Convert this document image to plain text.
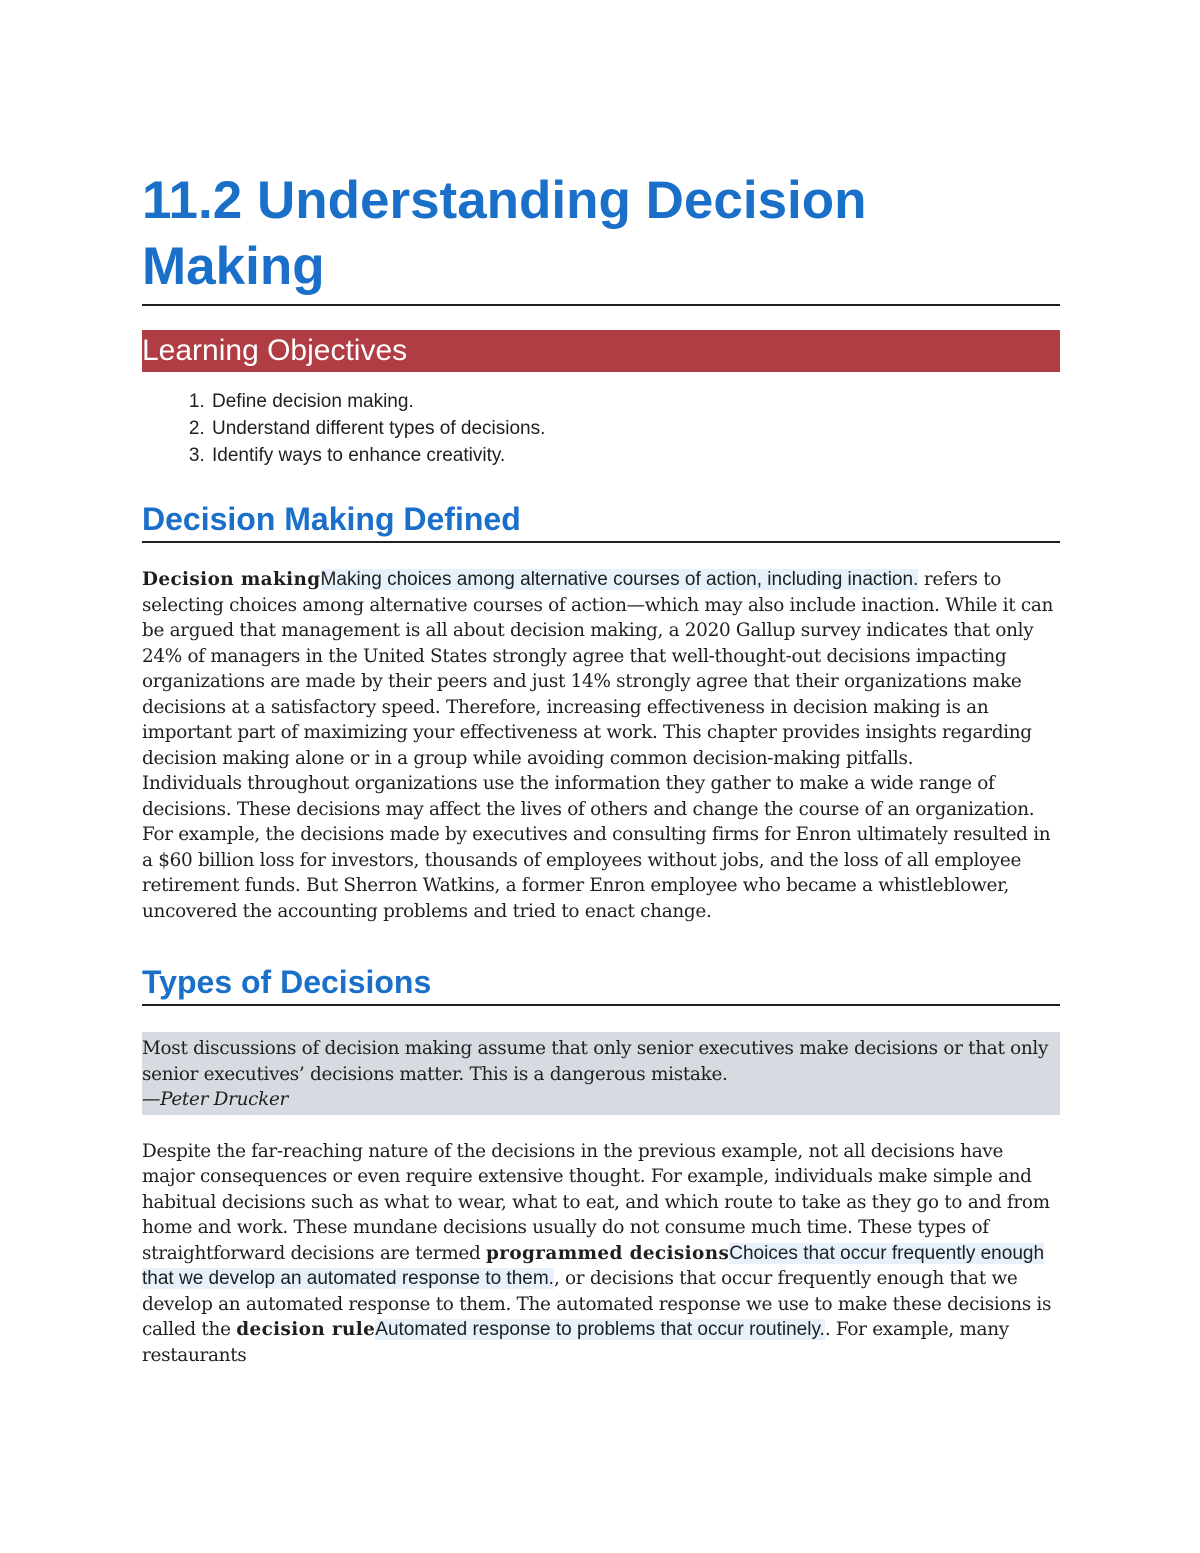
11.2 Understanding Decision Making
Learning Objectives
1. Define decision making.
2. Understand different types of decisions.
3. Identify ways to enhance creativity.
Decision Making Defined

Decision makingMaking choices among alternative courses of action, including inaction. refers to selecting choices among alternative courses of action—which may also include inaction. While it can be argued that management is all about decision making, a 2020 Gallup survey indicates that only 24% of managers in the United States strongly agree that well-thought-out decisions impacting organizations are made by their peers and just 14% strongly agree that their organizations make decisions at a satisfactory speed. Therefore, increasing effectiveness in decision making is an important part of maximizing your effectiveness at work. This chapter provides insights regarding decision making alone or in a group while avoiding common decision-making pitfalls.

Individuals throughout organizations use the information they gather to make a wide range of decisions. These decisions may affect the lives of others and change the course of an organization. For example, the decisions made by executives and consulting firms for Enron ultimately resulted in a $60 billion loss for investors, thousands of employees without jobs, and the loss of all employee retirement funds. But Sherron Watkins, a former Enron employee who became a whistleblower, uncovered the accounting problems and tried to enact change.

Types of Decisions
Most discussions of decision making assume that only senior executives make decisions or that only senior executives’ decisions matter. This is a dangerous mistake.
—Peter Drucker

Despite the far-reaching nature of the decisions in the previous example, not all decisions have major consequences or even require extensive thought. For example, individuals make simple and habitual decisions such as what to wear, what to eat, and which route to take as they go to and from home and work. These mundane decisions usually do not consume much time. These types of straightforward decisions are termed programmed decisionsChoices that occur frequently enough that we develop an automated response to them., or decisions that occur frequently enough that we develop an automated response to them. The automated response we use to make these decisions is called the decision ruleAutomated response to problems that occur routinely.. For example, many restaurants
